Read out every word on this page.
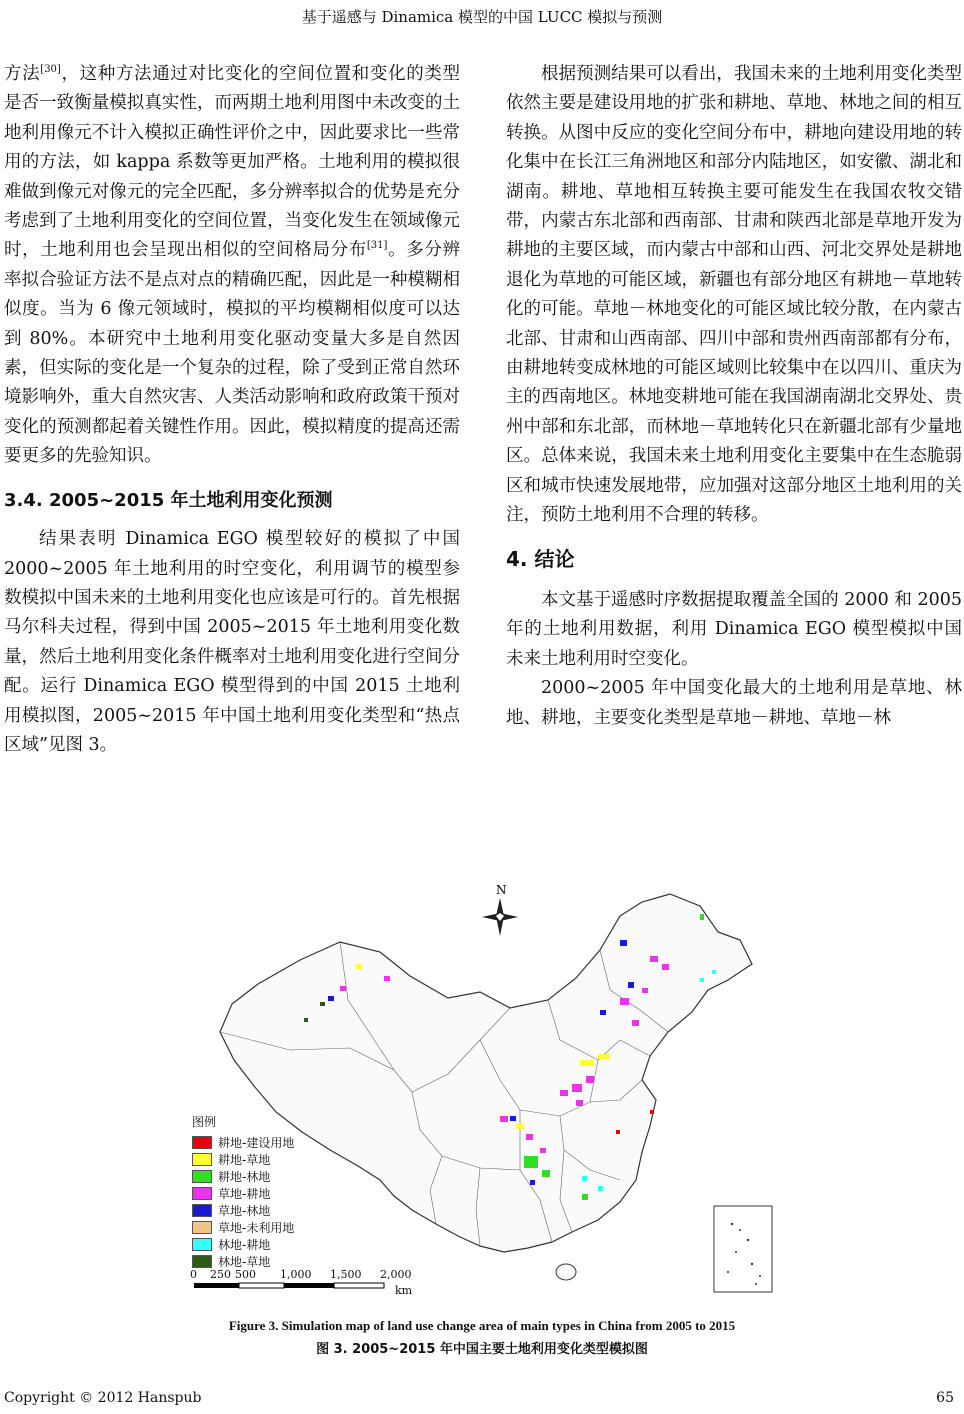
基于遥感与 Dinamica 模型的中国 LUCC 模拟与预测

方法[30]，这种方法通过对比变化的空间位置和变化的类型是否一致衡量模拟真实性，而两期土地利用图中未改变的土地利用像元不计入模拟正确性评价之中，因此要求比一些常用的方法，如 kappa 系数等更加严格。土地利用的模拟很难做到像元对像元的完全匹配，多分辨率拟合的优势是充分考虑到了土地利用变化的空间位置，当变化发生在领域像元时，土地利用也会呈现出相似的空间格局分布[31]。多分辨率拟合验证方法不是点对点的精确匹配，因此是一种模糊相似度。当为 6 像元领域时，模拟的平均模糊相似度可以达到 80%。本研究中土地利用变化驱动变量大多是自然因素，但实际的变化是一个复杂的过程，除了受到正常自然环境影响外，重大自然灾害、人类活动影响和政府政策干预对变化的预测都起着关键性作用。因此，模拟精度的提高还需要更多的先验知识。

3.4. 2005~2015 年土地利用变化预测

结果表明 Dinamica EGO 模型较好的模拟了中国 2000~2005 年土地利用的时空变化，利用调节的模型参数模拟中国未来的土地利用变化也应该是可行的。首先根据马尔科夫过程，得到中国 2005~2015 年土地利用变化数量，然后土地利用变化条件概率对土地利用变化进行空间分配。运行 Dinamica EGO 模型得到的中国 2015 土地利用模拟图，2005~2015 年中国土地利用变化类型和“热点区域”见图 3。

根据预测结果可以看出，我国未来的土地利用变化类型依然主要是建设用地的扩张和耕地、草地、林地之间的相互转换。从图中反应的变化空间分布中，耕地向建设用地的转化集中在长江三角洲地区和部分内陆地区，如安徽、湖北和湖南。耕地、草地相互转换主要可能发生在我国农牧交错带，内蒙古东北部和西南部、甘肃和陕西北部是草地开发为耕地的主要区域，而内蒙古中部和山西、河北交界处是耕地退化为草地的可能区域，新疆也有部分地区有耕地－草地转化的可能。草地－林地变化的可能区域比较分散，在内蒙古北部、甘肃和山西南部、四川中部和贵州西南部都有分布，由耕地转变成林地的可能区域则比较集中在以四川、重庆为主的西南地区。林地变耕地可能在我国湖南湖北交界处、贵州中部和东北部，而林地－草地转化只在新疆北部有少量地区。总体来说，我国未来土地利用变化主要集中在生态脆弱区和城市快速发展地带，应加强对这部分地区土地利用的关注，预防土地利用不合理的转移。

4. 结论

本文基于遥感时序数据提取覆盖全国的 2000 和 2005 年的土地利用数据，利用 Dinamica EGO 模型模拟中国未来土地利用时空变化。

2000~2005 年中国变化最大的土地利用是草地、林地、耕地，主要变化类型是草地－耕地、草地－林

N
图例
耕地-建设用地
耕地-草地
耕地-林地
草地-耕地
草地-林地
草地-未利用地
林地-耕地
林地-草地
0 250 500 1,000 1,500 2,000
km
Figure 3. Simulation map of land use change area of main types in China from 2005 to 2015
图 3. 2005~2015 年中国主要土地利用变化类型模拟图
Copyright © 2012 Hanspub	65
